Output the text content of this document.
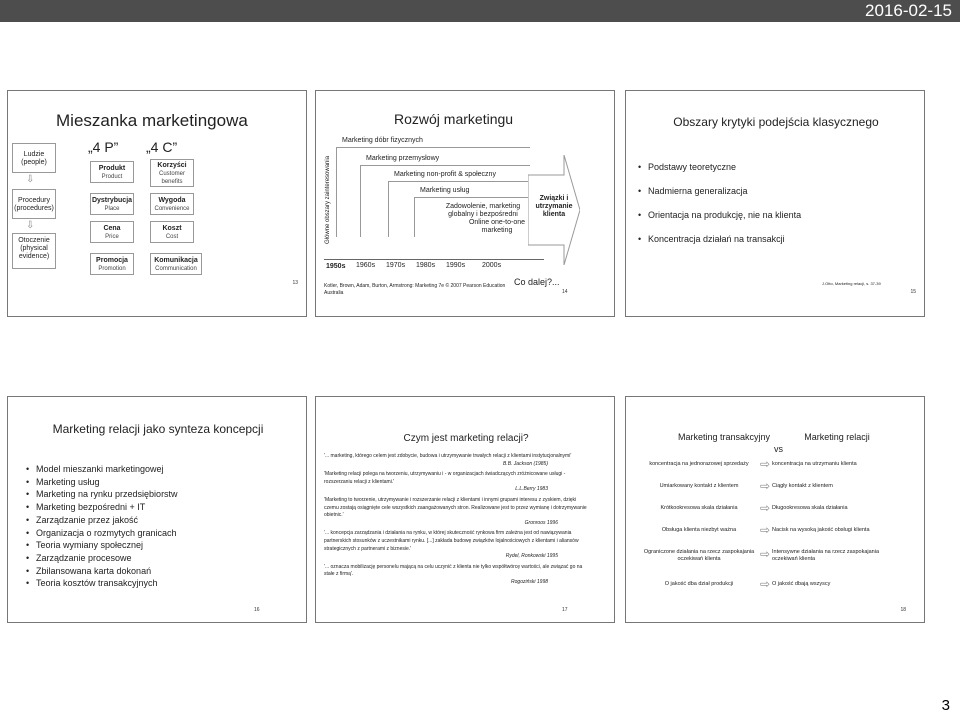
2016-02-15
Mieszanka marketingowa
Ludzie (people)
Procedury (procedures)
Otoczenie (physical evidence)
⇩
⇩
„4 P” „4 C”
Produkt
Product
Dystrybucja
Place
Cena
Price
Promocja
Promotion
Korzyści
Customer benefits
Wygoda
Convenience
Koszt
Cost
Komunikacja
Communication
13
Rozwój marketingu
Główne obszary zainteresowania
Marketing dóbr fizycznych
Marketing przemysłowy
Marketing non-profit & społeczny
Marketing usług
Zadowolenie, marketing globalny i bezpośredni
Online one-to-one marketing
1950s 1960s 1970s 1980s 1990s 2000s
Związki i utrzymanie klienta
Co dalej?...
Kotler, Brown, Adam, Burton, Armstrong: Marketing 7e © 2007 Pearson Education Australia	14
Obszary krytyki podejścia klasycznego
• Podstawy teoretyczne
• Nadmierna generalizacja
• Orientacja na produkcję, nie na klienta
• Koncentracja działań na transakcji
J.Otto, Marketing relacji, s. 37-39
15
Marketing relacji jako synteza koncepcji
• Model mieszanki marketingowej
• Marketing usług
• Marketing na rynku przedsiębiorstw
• Marketing bezpośredni + IT
• Zarządzanie przez jakość
• Organizacja o rozmytych granicach
• Teoria wymiany społecznej
• Zarządzanie procesowe
• Zbilansowana karta dokonań
• Teoria kosztów transakcyjnych
16
Czym jest marketing relacji?
'... marketing, którego celem jest zdobycie, budowa i utrzymywanie trwałych relacji z klientami instytucjonalnymi'
B.B. Jackson (1985)
'Marketing relacji polega na tworzeniu, utrzymywaniu i - w organizacjach świadczących zróżnicowane usługi - rozszerzaniu relacji z klientami.'
L.L.Berry 1983
'Marketing to tworzenie, utrzymywanie i rozszerzanie relacji z klientami i innymi grupami interesu z zyskiem, dzięki czemu zostają osiągnięte cele wszystkich zaangażowanych stron. Realizowane jest to przez wymianę i dotrzymywanie obietnic.'
Gronroos 1996
'... koncepcja zarządzania i działania na rynku, w której skuteczność rynkowa firm zależna jest od nawiązywania partnerskich stosunków z uczestnikami rynku. [...] zakłada budowę związków lojalnościowych z klientami i aliansów strategicznych z partnerami z biznesie.'
Rydel, Ronkowski 1995
'... oznacza mobilizację personelu mającą na celu uczynić z klienta nie tylko współtwórcę wartości, ale związać go na stałe z firmą'.
Rogoziński 1998
17
Marketing transakcyjny
vs
Marketing relacji
koncentracja na jednorazowej sprzedaży ⇨ koncentracja na utrzymaniu klienta
Umiarkowany kontakt z klientem	⇨ Ciągły kontakt z klientem
Krótkookresowa skala działania	⇨ Długookresowa skala działania
Obsługa klienta niezbyt ważna	⇨ Nacisk na wysoką jakość obsługi klienta
Ograniczone działania na rzecz zaspokajania oczekiwań klienta	⇨ Intensywne działania na rzecz zaspokajania oczekiwań klienta
O jakość dba dział produkcji	⇨ O jakość dbają wszyscy
18
3
